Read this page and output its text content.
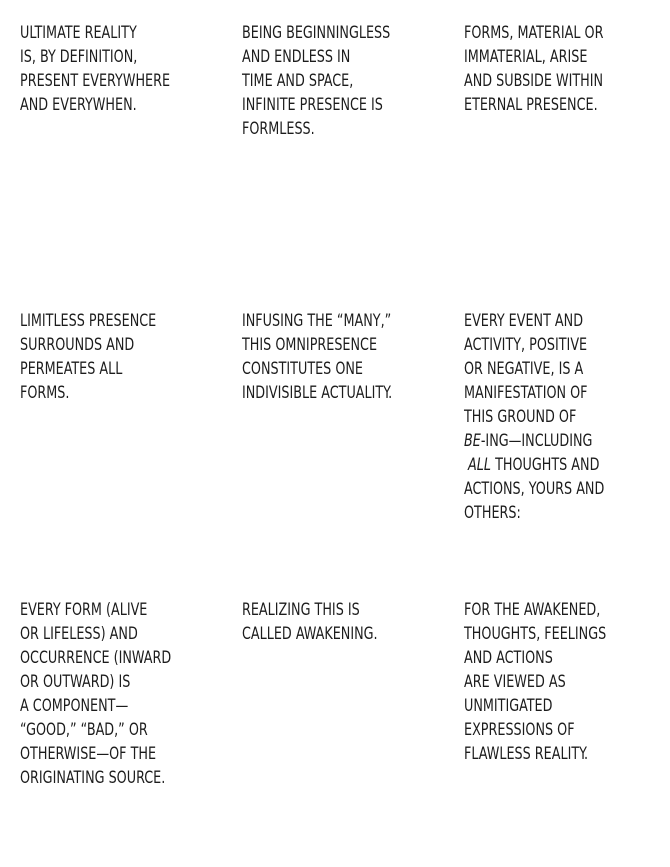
ULTIMATE REALITY
IS, BY DEFINITION,
PRESENT EVERYWHERE
AND EVERYWHEN.
BEING BEGINNINGLESS
AND ENDLESS IN
TIME AND SPACE,
INFINITE PRESENCE IS
FORMLESS.
FORMS, MATERIAL OR
IMMATERIAL, ARISE
AND SUBSIDE WITHIN
ETERNAL PRESENCE.
LIMITLESS PRESENCE
SURROUNDS AND
PERMEATES ALL
FORMS.
INFUSING THE “MANY,”
THIS OMNIPRESENCE
CONSTITUTES ONE
INDIVISIBLE ACTUALITY.
EVERY EVENT AND
ACTIVITY, POSITIVE
OR NEGATIVE, IS A
MANIFESTATION OF
THIS GROUND OF
BE-ING—INCLUDING
ALL THOUGHTS AND
ACTIONS, YOURS AND
OTHERS:
EVERY FORM (ALIVE
OR LIFELESS) AND
OCCURRENCE (INWARD
OR OUTWARD) IS
A COMPONENT—
“GOOD,” “BAD,” OR
OTHERWISE—OF THE
ORIGINATING SOURCE.
REALIZING THIS IS
CALLED AWAKENING.
FOR THE AWAKENED,
THOUGHTS, FEELINGS
AND ACTIONS
ARE VIEWED AS
UNMITIGATED
EXPRESSIONS OF
FLAWLESS REALITY.
